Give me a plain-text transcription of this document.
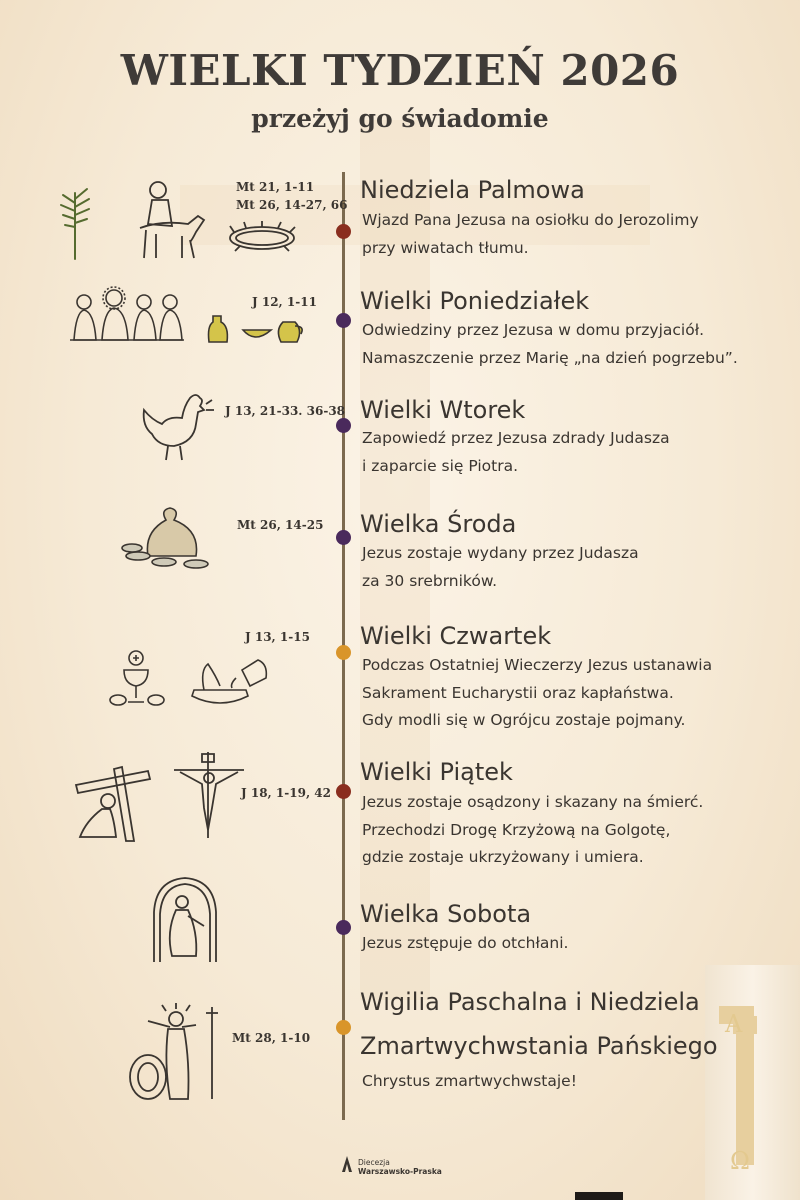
Α
Ω
WIELKI TYDZIEŃ 2026
przeżyj go świadomie
Niedziela Palmowa
Wjazd Pana Jezusa na osiołku do Jerozolimy
przy wiwatach tłumu.
Mt 21, 1-11
Mt 26, 14-27, 66
Wielki Poniedziałek
Odwiedziny przez Jezusa w domu przyjaciół.
Namaszczenie przez Marię „na dzień pogrzebu”.
J 12, 1-11
Wielki Wtorek
Zapowiedź przez Jezusa zdrady Judasza
i zaparcie się Piotra.
J 13, 21-33. 36-38
Wielka Środa
Jezus zostaje wydany przez Judasza
za 30 srebrników.
Mt 26, 14-25
Wielki Czwartek
Podczas Ostatniej Wieczerzy Jezus ustanawia
Sakrament Eucharystii oraz kapłaństwa.
Gdy modli się w Ogrójcu zostaje pojmany.
J 13, 1-15
Wielki Piątek
Jezus zostaje osądzony i skazany na śmierć.
Przechodzi Drogę Krzyżową na Golgotę,
gdzie zostaje ukrzyżowany i umiera.
J 18, 1-19, 42
Wielka Sobota
Jezus zstępuje do otchłani.
Wigilia Paschalna i Niedziela
Zmartwychwstania Pańskiego
Chrystus zmartwychwstaje!
Mt 28, 1-10
Diecezja
Warszawsko-Praska
